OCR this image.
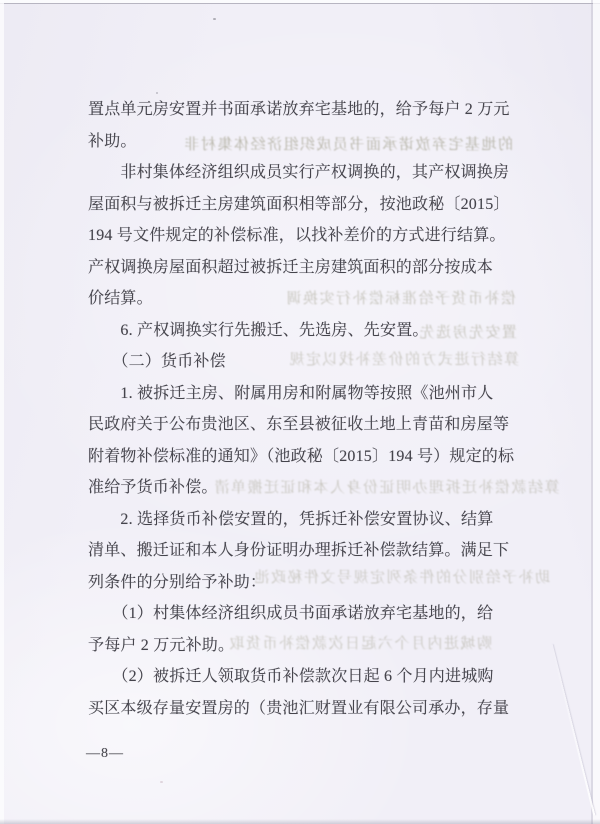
的地基宅弃放诺承面书员成织组济经体集村非
偿补币货予给准标偿补行实换调
置安先房选先
算结行进式方的价差补找以定规
算结款偿补迁拆理办明证份身人本和证迁搬单清
助补予给别分的件条列定规号文件秘政池
购城进内月个六起日次款偿补币货取
置点单元房安置并书面承诺放弃宅基地的，给予每户 2 万元
补助。
　　非村集体经济组织成员实行产权调换的，其产权调换房
屋面积与被拆迁主房建筑面积相等部分，按池政秘〔2015〕
194 号文件规定的补偿标准，以找补差价的方式进行结算。
产权调换房屋面积超过被拆迁主房建筑面积的部分按成本
价结算。
　　6. 产权调换实行先搬迁、先选房、先安置。
　　（二）货币补偿
　　1. 被拆迁主房、附属用房和附属物等按照《池州市人
民政府关于公布贵池区、东至县被征收土地上青苗和房屋等
附着物补偿标准的通知》（池政秘〔2015〕194 号）规定的标
准给予货币补偿。
　　2. 选择货币补偿安置的，凭拆迁补偿安置协议、结算
清单、搬迁证和本人身份证明办理拆迁补偿款结算。满足下
列条件的分别给予补助：
　　（1）村集体经济组织成员书面承诺放弃宅基地的，给
予每户 2 万元补助。
　　（2）被拆迁人领取货币补偿款次日起 6 个月内进城购
买区本级存量安置房的（贵池汇财置业有限公司承办，存量
—8—
